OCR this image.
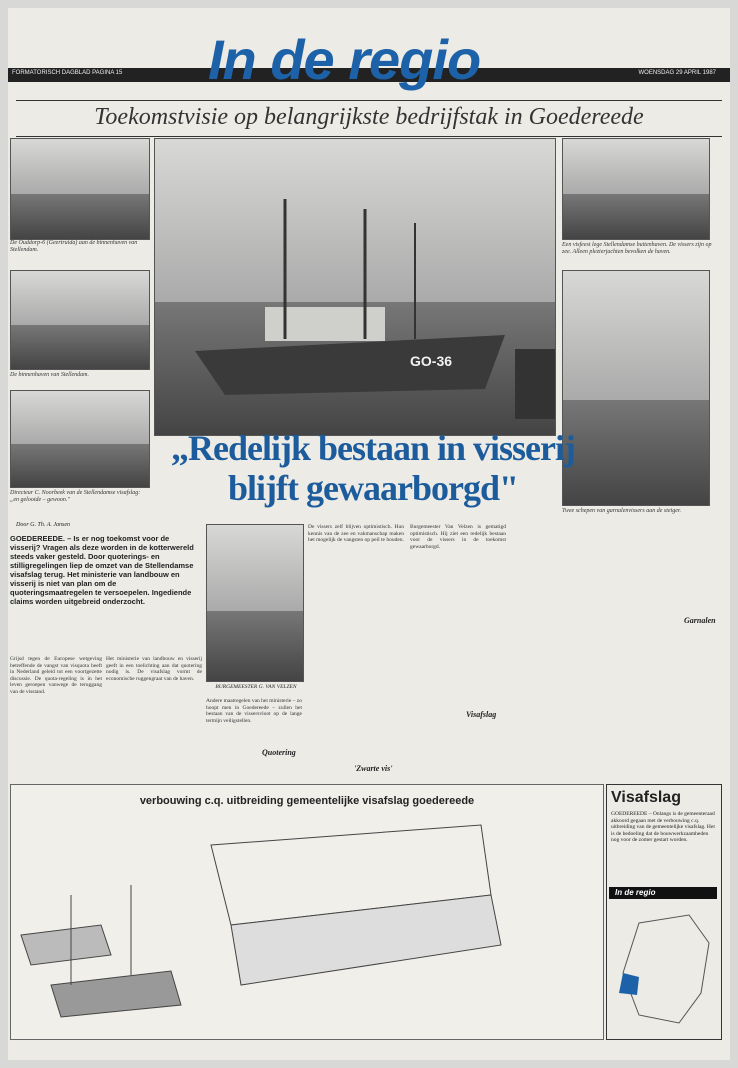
FORMATORISCH DAGBLAD PAGINA 15	WOENSDAG 29 APRIL 1987
In de regio
Toekomstvisie op belangrijkste bedrijfstak in Goedereede
De Ouddorp-6 (Geertruida) aan de binnenhaven van Stellendam.
De binnenhaven van Stellendam.
Directeur C. Noorbeek van de Stellendamse visafslag: „en gelooide – gewoon."
GO-36
Een visfeest lege Stellendamse buitenhaven. De vissers zijn op zee. Alleen plezierjachten bevolken de haven.
Twee schepen van garnalenvissers aan de steiger.
„Redelijk bestaan in visserij blijft gewaarborgd"
Door G. Th. A. Jansen
GOEDEREEDE. – Is er nog toekomst voor de visserij? Vragen als deze worden in de kotterwereld steeds vaker gesteld. Door quoterings- en stilligregelingen liep de omzet van de Stellendamse visafslag terug. Het ministerie van landbouw en visserij is niet van plan om de quoteringsmaatregelen te versoepelen. Ingediende claims worden uitgebreid onderzocht.
Grijsd tegen de Europese wetgeving betreffende de vangst van visquota heeft in Nederland geleid tot een voortgezette discussie. De quota-regeling is in het leven geroepen vanwege de teruggang van de visstand.
Het ministerie van landbouw en visserij geeft in een toelichting aan dat quotering nodig is. De visafslag vormt de economische ruggengraat van de haven.
BURGEMEESTER G. VAN VELZEN
Andere maatregelen van het ministerie – zo hoopt men in Goedereede – zullen het bestaan van de vissersvloot op de lange termijn veiligstellen.
Quotering
De vissers zelf blijven optimistisch. Hun kennis van de zee en vakmanschap maken het mogelijk de vangsten op peil te houden.
'Zwarte vis'
Burgemeester Van Velzen is gematigd optimistisch. Hij ziet een redelijk bestaan voor de vissers in de toekomst gewaarborgd.
Visafslag
Garnalen
verbouwing c.q. uitbreiding gemeentelijke visafslag goedereede	Visafslag
GOEDEREEDE – Onlangs is de gemeenteraad akkoord gegaan met de verbouwing c.q. uitbreiding van de gemeentelijke visafslag. Het is de bedoeling dat de bouwwerkzaamheden nog voor de zomer gestart worden.
In de regio
